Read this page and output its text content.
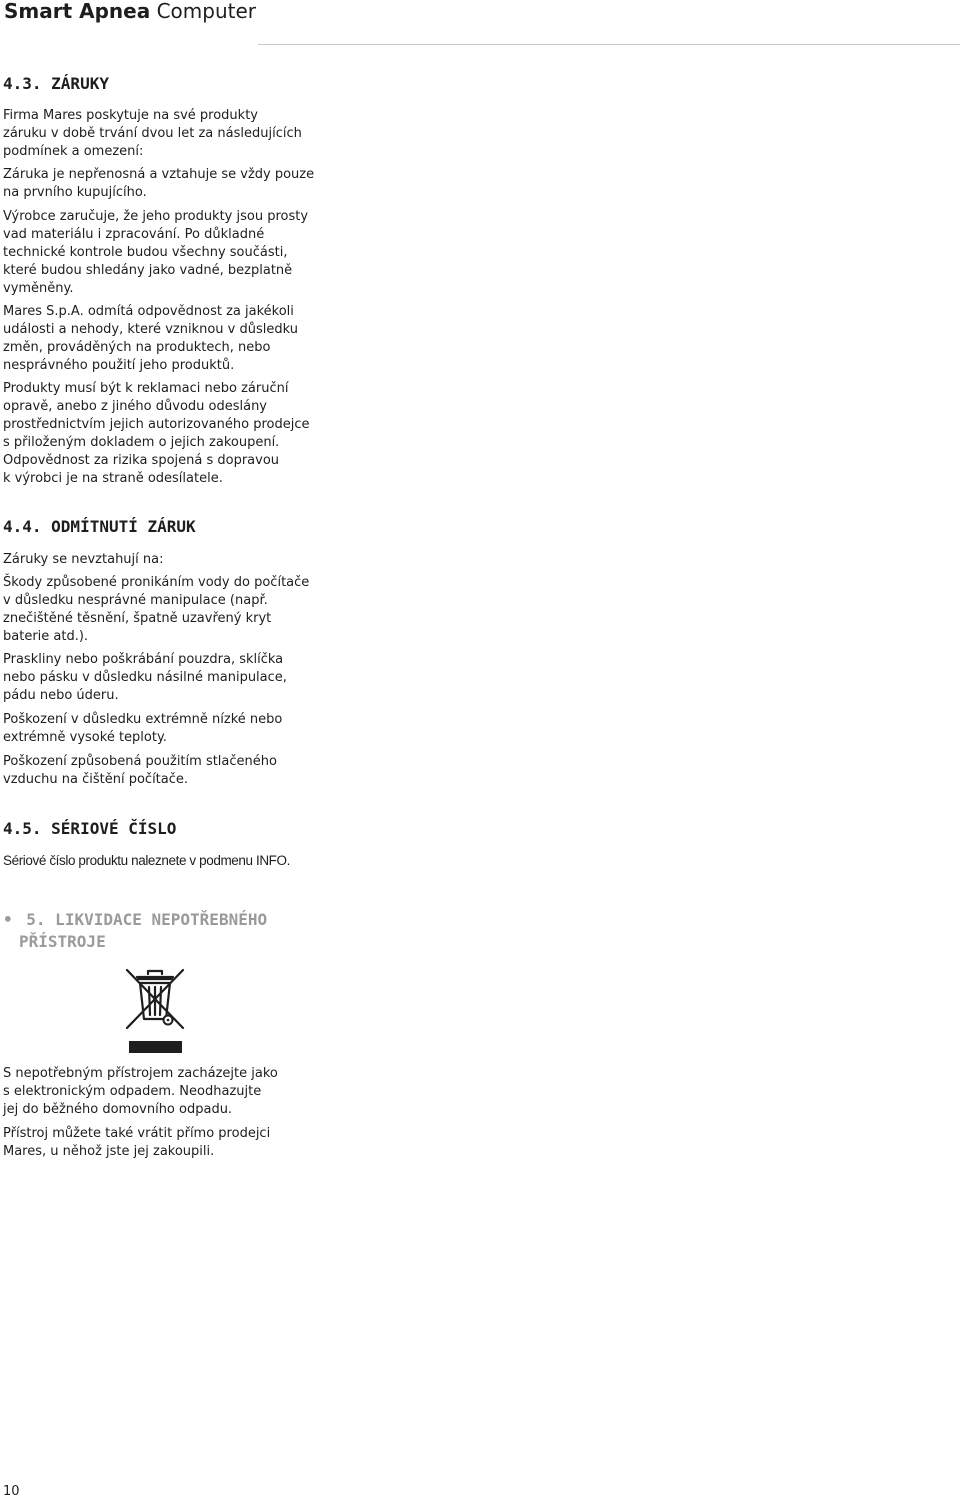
Smart Apnea Computer
4.3. ZÁRUKY
Firma Mares poskytuje na své produkty
záruku v době trvání dvou let za následujících
podmínek a omezení:
Záruka je nepřenosná a vztahuje se vždy pouze
na prvního kupujícího.
Výrobce zaručuje, že jeho produkty jsou prosty
vad materiálu i zpracování. Po důkladné
technické kontrole budou všechny součásti,
které budou shledány jako vadné, bezplatně
vyměněny.
Mares S.p.A. odmítá odpovědnost za jakékoli
události a nehody, které vzniknou v důsledku
změn, prováděných na produktech, nebo
nesprávného použití jeho produktů.
Produkty musí být k reklamaci nebo záruční
opravě, anebo z jiného důvodu odeslány
prostřednictvím jejich autorizovaného prodejce
s přiloženým dokladem o jejich zakoupení.
Odpovědnost za rizika spojená s dopravou
k výrobci je na straně odesílatele.
4.4. ODMÍTNUTÍ ZÁRUK
Záruky se nevztahují na:
Škody způsobené pronikáním vody do počítače
v důsledku nesprávné manipulace (např.
znečištěné těsnění, špatně uzavřený kryt
baterie atd.).
Praskliny nebo poškrábání pouzdra, sklíčka
nebo pásku v důsledku násilné manipulace,
pádu nebo úderu.
Poškození v důsledku extrémně nízké nebo
extrémně vysoké teploty.
Poškození způsobená použitím stlačeného
vzduchu na čištění počítače.
4.5. SÉRIOVÉ ČÍSLO
Sériové číslo produktu naleznete v podmenu INFO.
• 5. LIKVIDACE NEPOTŘEBNÉHO
PŘÍSTROJE
S nepotřebným přístrojem zacházejte jako
s elektronickým odpadem. Neodhazujte
jej do běžného domovního odpadu.
Přístroj můžete také vrátit přímo prodejci
Mares, u něhož jste jej zakoupili.
10
